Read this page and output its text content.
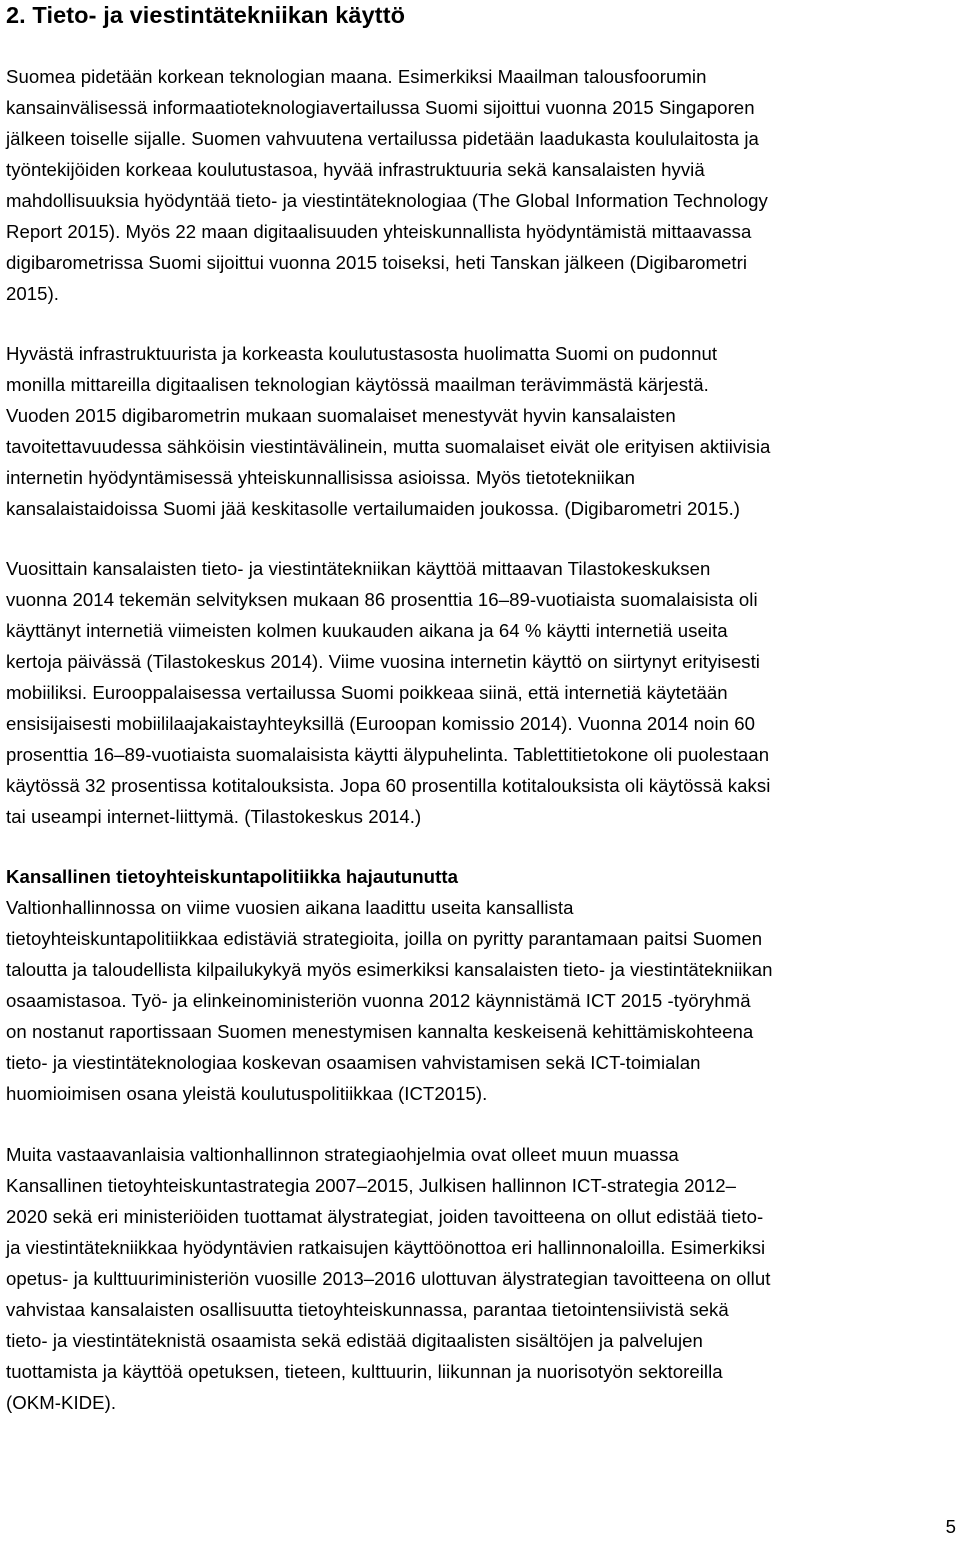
2. Tieto- ja viestintätekniikan käyttö
Suomea pidetään korkean teknologian maana. Esimerkiksi Maailman talousfoorumin
kansainvälisessä informaatioteknologiavertailussa Suomi sijoittui vuonna 2015 Singaporen
jälkeen toiselle sijalle. Suomen vahvuutena vertailussa pidetään laadukasta koululaitosta ja
työntekijöiden korkeaa koulutustasoa, hyvää infrastruktuuria sekä kansalaisten hyviä
mahdollisuuksia hyödyntää tieto- ja viestintäteknologiaa (The Global Information Technology
Report 2015). Myös 22 maan digitaalisuuden yhteiskunnallista hyödyntämistä mittaavassa
digibarometrissa Suomi sijoittui vuonna 2015 toiseksi, heti Tanskan jälkeen (Digibarometri
2015).
Hyvästä infrastruktuurista ja korkeasta koulutustasosta huolimatta Suomi on pudonnut
monilla mittareilla digitaalisen teknologian käytössä maailman terävimmästä kärjestä.
Vuoden 2015 digibarometrin mukaan suomalaiset menestyvät hyvin kansalaisten
tavoitettavuudessa sähköisin viestintävälinein, mutta suomalaiset eivät ole erityisen aktiivisia
internetin hyödyntämisessä yhteiskunnallisissa asioissa. Myös tietotekniikan
kansalaistaidoissa Suomi jää keskitasolle vertailumaiden joukossa. (Digibarometri 2015.)
Vuosittain kansalaisten tieto- ja viestintätekniikan käyttöä mittaavan Tilastokeskuksen
vuonna 2014 tekemän selvityksen mukaan 86 prosenttia 16–89-vuotiaista suomalaisista oli
käyttänyt internetiä viimeisten kolmen kuukauden aikana ja 64 % käytti internetiä useita
kertoja päivässä (Tilastokeskus 2014). Viime vuosina internetin käyttö on siirtynyt erityisesti
mobiiliksi. Eurooppalaisessa vertailussa Suomi poikkeaa siinä, että internetiä käytetään
ensisijaisesti mobiililaajakaistayhteyksillä (Euroopan komissio 2014). Vuonna 2014 noin 60
prosenttia 16–89-vuotiaista suomalaisista käytti älypuhelinta. Tablettitietokone oli puolestaan
käytössä 32 prosentissa kotitalouksista. Jopa 60 prosentilla kotitalouksista oli käytössä kaksi
tai useampi internet-liittymä. (Tilastokeskus 2014.)
Kansallinen tietoyhteiskuntapolitiikka hajautunutta
Valtionhallinnossa on viime vuosien aikana laadittu useita kansallista
tietoyhteiskuntapolitiikkaa edistäviä strategioita, joilla on pyritty parantamaan paitsi Suomen
taloutta ja taloudellista kilpailukykyä myös esimerkiksi kansalaisten tieto- ja viestintätekniikan
osaamistasoa. Työ- ja elinkeinoministeriön vuonna 2012 käynnistämä ICT 2015 -työryhmä
on nostanut raportissaan Suomen menestymisen kannalta keskeisenä kehittämiskohteena
tieto- ja viestintäteknologiaa koskevan osaamisen vahvistamisen sekä ICT-toimialan
huomioimisen osana yleistä koulutuspolitiikkaa (ICT2015).
Muita vastaavanlaisia valtionhallinnon strategiaohjelmia ovat olleet muun muassa
Kansallinen tietoyhteiskuntastrategia 2007–2015, Julkisen hallinnon ICT-strategia 2012–
2020 sekä eri ministeriöiden tuottamat älystrategiat, joiden tavoitteena on ollut edistää tieto-
ja viestintätekniikkaa hyödyntävien ratkaisujen käyttöönottoa eri hallinnonaloilla. Esimerkiksi
opetus- ja kulttuuriministeriön vuosille 2013–2016 ulottuvan älystrategian tavoitteena on ollut
vahvistaa kansalaisten osallisuutta tietoyhteiskunnassa, parantaa tietointensiivistä sekä
tieto- ja viestintäteknistä osaamista sekä edistää digitaalisten sisältöjen ja palvelujen
tuottamista ja käyttöä opetuksen, tieteen, kulttuurin, liikunnan ja nuorisotyön sektoreilla
(OKM-KIDE).
5
